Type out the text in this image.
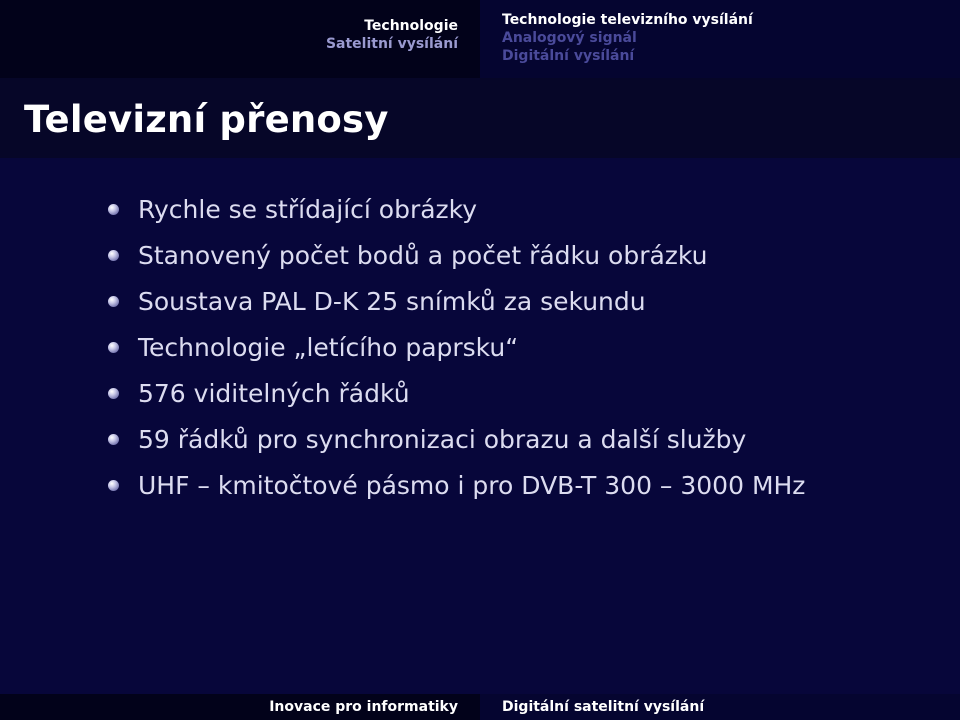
Technologie
Satelitní vysílání
Technologie televizního vysílání
Analogový signál
Digitální vysílání
Televizní přenosy
Rychle se střídající obrázky
Stanovený počet bodů a počet řádku obrázku
Soustava PAL D-K 25 snímků za sekundu
Technologie „letícího paprsku“
576 viditelných řádků
59 řádků pro synchronizaci obrazu a další služby
UHF – kmitočtové pásmo i pro DVB-T 300 – 3000 MHz
Inovace pro informatiky	Digitální satelitní vysílání
